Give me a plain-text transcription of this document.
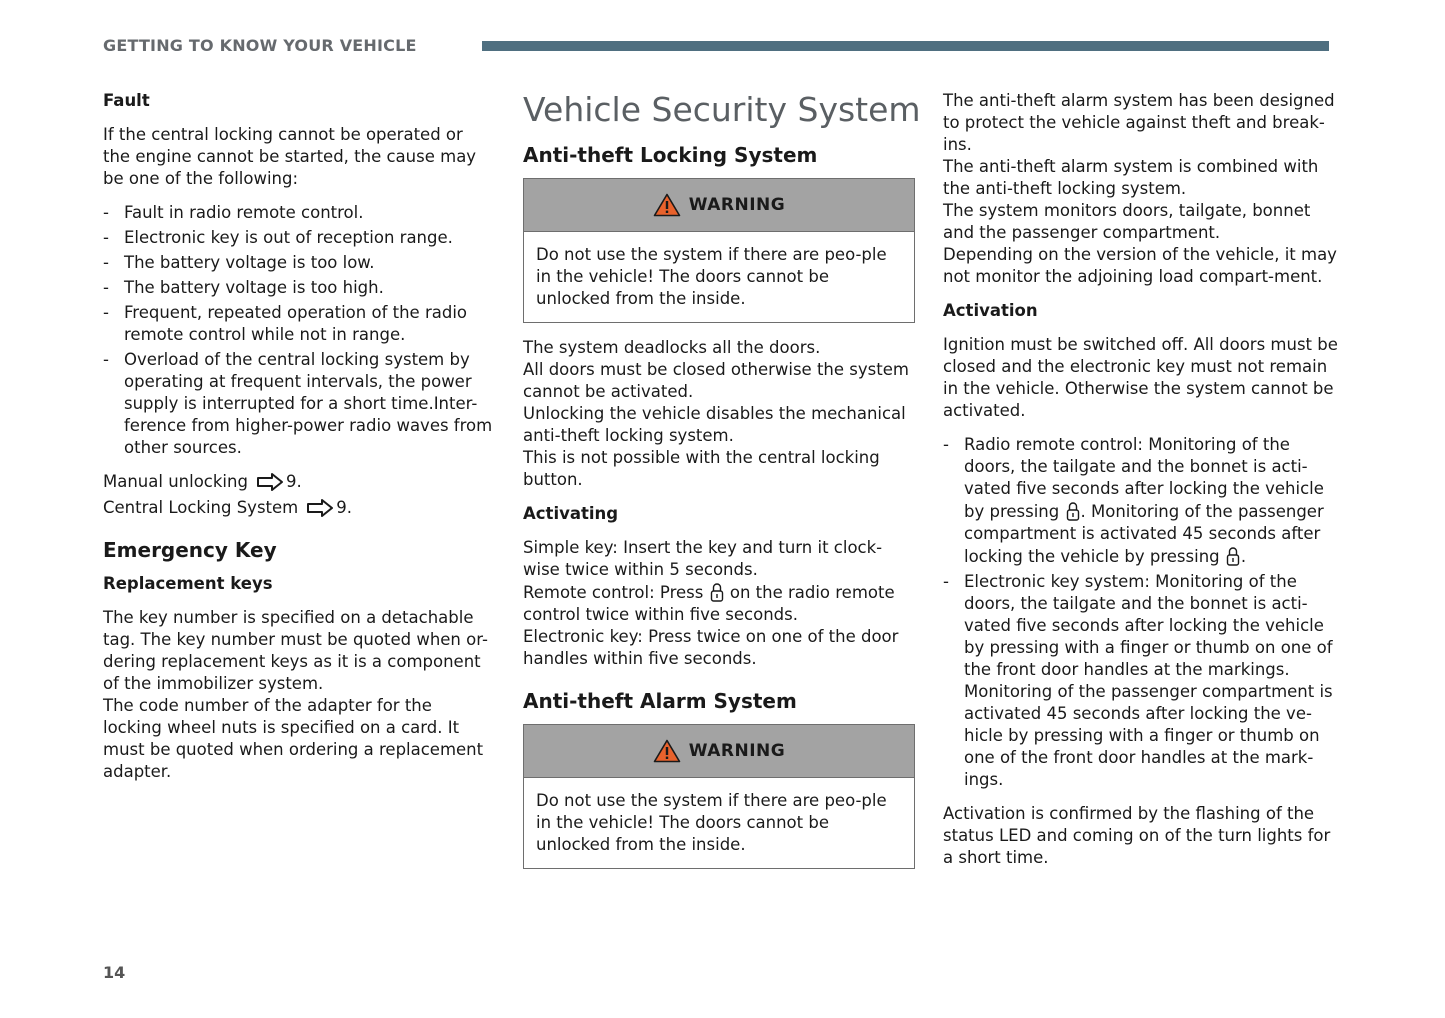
GETTING TO KNOW YOUR VEHICLE
Fault

If the central locking cannot be operated or the engine cannot be started, the cause may be one of the following:

- Fault in radio remote control.
- Electronic key is out of reception range.
- The battery voltage is too low.
- The battery voltage is too high.
- Frequent, repeated operation of the radio remote control while not in range.
- Overload of the central locking system by operating at frequent intervals, the power supply is interrupted for a short time.Inter-ference from higher-power radio waves from other sources.
Manual unlocking 9.
Central Locking System 9.
Emergency Key
Replacement keys
The key number is specified on a detachable tag. The key number must be quoted when or-dering replacement keys as it is a component of the immobilizer system.
The code number of the adapter for the locking wheel nuts is specified on a card. It must be quoted when ordering a replacement adapter.
Vehicle Security System
Anti-theft Locking System
WARNING
Do not use the system if there are peo-ple in the vehicle! The doors cannot be unlocked from the inside.
The system deadlocks all the doors.
All doors must be closed otherwise the system cannot be activated.
Unlocking the vehicle disables the mechanical anti-theft locking system.

This is not possible with the central locking button.

Activating
Simple key: Insert the key and turn it clock-wise twice within 5 seconds.
Remote control: Press on the radio remote control twice within five seconds.
Electronic key: Press twice on one of the door handles within five seconds.
Anti-theft Alarm System
WARNING
Do not use the system if there are peo-ple in the vehicle! The doors cannot be unlocked from the inside.
The anti-theft alarm system has been designed to protect the vehicle against theft and break-ins.
The anti-theft alarm system is combined with the anti-theft locking system.
The system monitors doors, tailgate, bonnet and the passenger compartment.

Depending on the version of the vehicle, it may not monitor the adjoining load compart-ment.

Activation

Ignition must be switched off. All doors must be closed and the electronic key must not remain in the vehicle. Otherwise the system cannot be activated.

- Radio remote control: Monitoring of the doors, the tailgate and the bonnet is acti-vated five seconds after locking the vehicle by pressing . Monitoring of the passenger compartment is activated 45 seconds after locking the vehicle by pressing .
- Electronic key system: Monitoring of the doors, the tailgate and the bonnet is acti-vated five seconds after locking the vehicle by pressing with a finger or thumb on one of the front door handles at the markings. Monitoring of the passenger compartment is activated 45 seconds after locking the ve-hicle by pressing with a finger or thumb on one of the front door handles at the mark-ings.
Activation is confirmed by the flashing of the status LED and coming on of the turn lights for a short time.
14
